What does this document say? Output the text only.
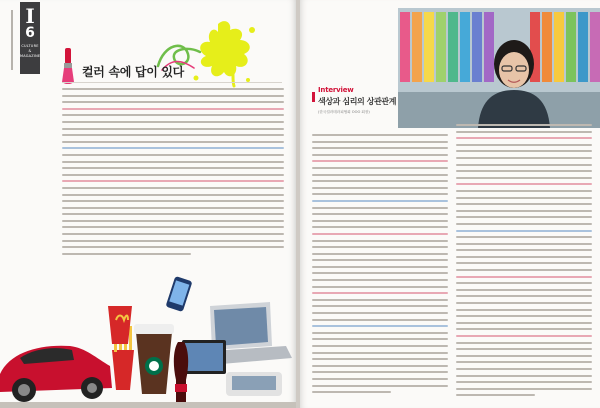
I
6
CULTURE & MAGAZINE
컬러 속에 답이 있다
Interview
색상과 심리의 상관관계
(한국컬러테라피협회 OOO 회장)
